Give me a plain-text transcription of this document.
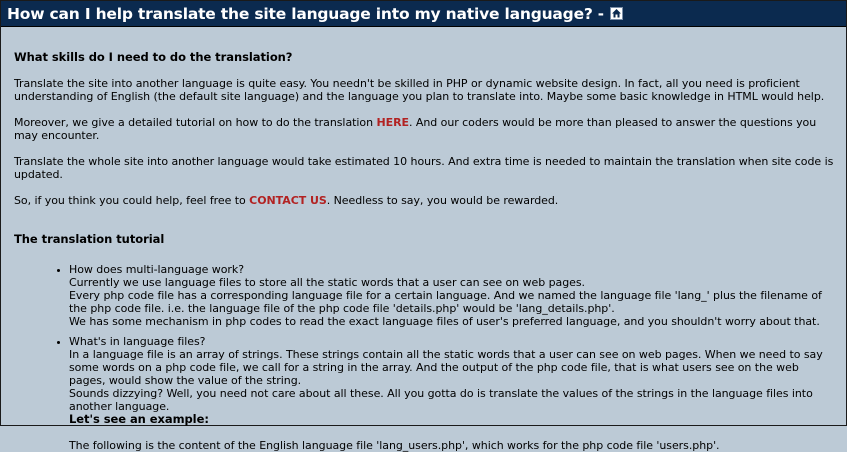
How can I help translate the site language into my native language? -
What skills do I need to do the translation?

Translate the site into another language is quite easy. You needn't be skilled in PHP or dynamic website design. In fact, all you need is proficient understanding of English (the default site language) and the language you plan to translate into. Maybe some basic knowledge in HTML would help.

Moreover, we give a detailed tutorial on how to do the translation HERE. And our coders would be more than pleased to answer the questions you may encounter.

Translate the whole site into another language would take estimated 10 hours. And extra time is needed to maintain the translation when site code is updated.

So, if you think you could help, feel free to CONTACT US. Needless to say, you would be rewarded.

The translation tutorial
• How does multi-language work?
Currently we use language files to store all the static words that a user can see on web pages.
Every php code file has a corresponding language file for a certain language. And we named the language file 'lang_' plus the filename of the php code file. i.e. the language file of the php code file 'details.php' would be 'lang_details.php'.
We has some mechanism in php codes to read the exact language files of user's preferred language, and you shouldn't worry about that.
• What's in language files?
In a language file is an array of strings. These strings contain all the static words that a user can see on web pages. When we need to say some words on a php code file, we call for a string in the array. And the output of the php code file, that is what users see on the web pages, would show the value of the string.
Sounds dizzying? Well, you need not care about all these. All you gotta do is translate the values of the strings in the language files into another language.
Let's see an example:
The following is the content of the English language file 'lang_users.php', which works for the php code file 'users.php'.
